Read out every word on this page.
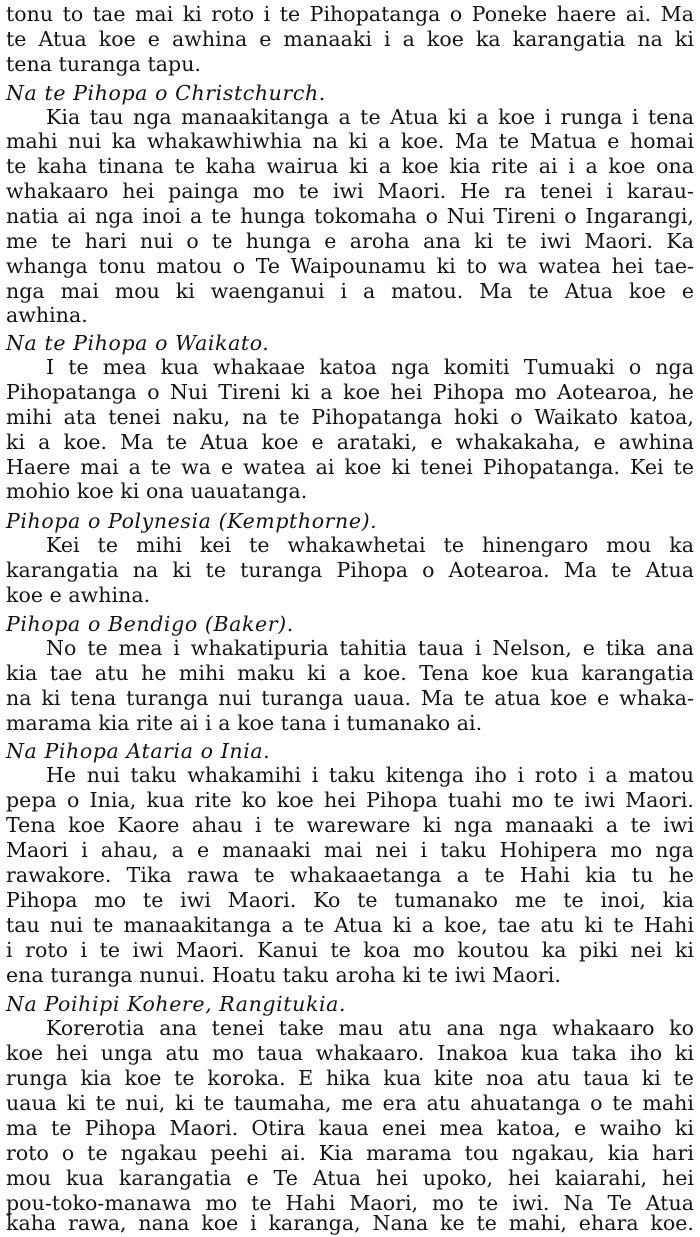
tonu to tae mai ki roto i te Pihopatanga o Poneke haere ai. Ma
te Atua koe e awhina e manaaki i a koe ka karangatia na ki
tena turanga tapu.
Na te Pihopa o Christchurch.
Kia tau nga manaakitanga a te Atua ki a koe i runga i tena
mahi nui ka whakawhiwhia na ki a koe. Ma te Matua e homai
te kaha tinana te kaha wairua ki a koe kia rite ai i a koe ona
whakaaro hei painga mo te iwi Maori. He ra tenei i karau-
natia ai nga inoi a te hunga tokomaha o Nui Tireni o Ingarangi,
me te hari nui o te hunga e aroha ana ki te iwi Maori. Ka
whanga tonu matou o Te Waipounamu ki to wa watea hei tae-
nga mai mou ki waenganui i a matou. Ma te Atua koe e
awhina.
Na te Pihopa o Waikato.
I te mea kua whakaae katoa nga komiti Tumuaki o nga
Pihopatanga o Nui Tireni ki a koe hei Pihopa mo Aotearoa, he
mihi ata tenei naku, na te Pihopatanga hoki o Waikato katoa,
ki a koe. Ma te Atua koe e arataki, e whakakaha, e awhina
Haere mai a te wa e watea ai koe ki tenei Pihopatanga. Kei te
mohio koe ki ona uauatanga.
Pihopa o Polynesia (Kempthorne).
Kei te mihi kei te whakawhetai te hinengaro mou ka
karangatia na ki te turanga Pihopa o Aotearoa. Ma te Atua
koe e awhina.
Pihopa o Bendigo (Baker).
No te mea i whakatipuria tahitia taua i Nelson, e tika ana
kia tae atu he mihi maku ki a koe. Tena koe kua karangatia
na ki tena turanga nui turanga uaua. Ma te atua koe e whaka-
marama kia rite ai i a koe tana i tumanako ai.
Na Pihopa Ataria o Inia.
He nui taku whakamihi i taku kitenga iho i roto i a matou
pepa o Inia, kua rite ko koe hei Pihopa tuahi mo te iwi Maori.
Tena koe Kaore ahau i te wareware ki nga manaaki a te iwi
Maori i ahau, a e manaaki mai nei i taku Hohipera mo nga
rawakore. Tika rawa te whakaaetanga a te Hahi kia tu he
Pihopa mo te iwi Maori. Ko te tumanako me te inoi, kia
tau nui te manaakitanga a te Atua ki a koe, tae atu ki te Hahi
i roto i te iwi Maori. Kanui te koa mo koutou ka piki nei ki
ena turanga nunui. Hoatu taku aroha ki te iwi Maori.
Na Poihipi Kohere, Rangitukia.
Korerotia ana tenei take mau atu ana nga whakaaro ko
koe hei unga atu mo taua whakaaro. Inakoa kua taka iho ki
runga kia koe te koroka. E hika kua kite noa atu taua ki te
uaua ki te nui, ki te taumaha, me era atu ahuatanga o te mahi
ma te Pihopa Maori. Otira kaua enei mea katoa, e waiho ki
roto o te ngakau peehi ai. Kia marama tou ngakau, kia hari
mou kua karangatia e Te Atua hei upoko, hei kaiarahi, hei
pou-toko-manawa mo te Hahi Maori, mo te iwi. Na Te Atua
kaha rawa, nana koe i karanga, Nana ke te mahi, ehara koe.
